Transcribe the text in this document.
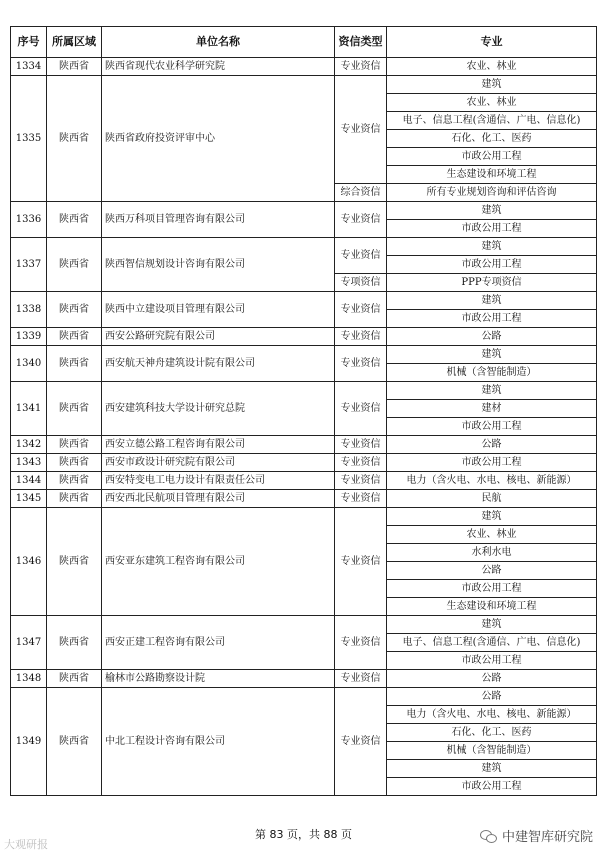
序号	所属区域	单位名称	资信类型	专业
1334	陕西省	陕西省现代农业科学研究院	专业资信	农业、林业
1335	陕西省	陕西省政府投资评审中心	专业资信	建筑
				农业、林业
				电子、信息工程(含通信、广电、信息化)
				石化、化工、医药
				市政公用工程
				生态建设和环境工程
			综合资信	所有专业规划咨询和评估咨询
1336	陕西省	陕西万科项目管理咨询有限公司	专业资信	建筑
				市政公用工程
1337	陕西省	陕西智信规划设计咨询有限公司	专业资信	建筑
				市政公用工程
			专项资信	PPP专项资信
1338	陕西省	陕西中立建设项目管理有限公司	专业资信	建筑
				市政公用工程
1339	陕西省	西安公路研究院有限公司	专业资信	公路
1340	陕西省	西安航天神舟建筑设计院有限公司	专业资信	建筑
				机械（含智能制造）
1341	陕西省	西安建筑科技大学设计研究总院	专业资信	建筑
				建材
				市政公用工程
1342	陕西省	西安立德公路工程咨询有限公司	专业资信	公路
1343	陕西省	西安市政设计研究院有限公司	专业资信	市政公用工程
1344	陕西省	西安特变电工电力设计有限责任公司	专业资信	电力（含火电、水电、核电、新能源）
1345	陕西省	西安西北民航项目管理有限公司	专业资信	民航
1346	陕西省	西安亚东建筑工程咨询有限公司	专业资信	建筑
				农业、林业
				水利水电
				公路
				市政公用工程
				生态建设和环境工程
1347	陕西省	西安正建工程咨询有限公司	专业资信	建筑
				电子、信息工程(含通信、广电、信息化)
				市政公用工程
1348	陕西省	榆林市公路勘察设计院	专业资信	公路
1349	陕西省	中北工程设计咨询有限公司	专业资信	公路
				电力（含火电、水电、核电、新能源）
				石化、化工、医药
				机械（含智能制造）
				建筑
				市政公用工程
第 83 页，共 88 页
大观研报	中建智库研究院
